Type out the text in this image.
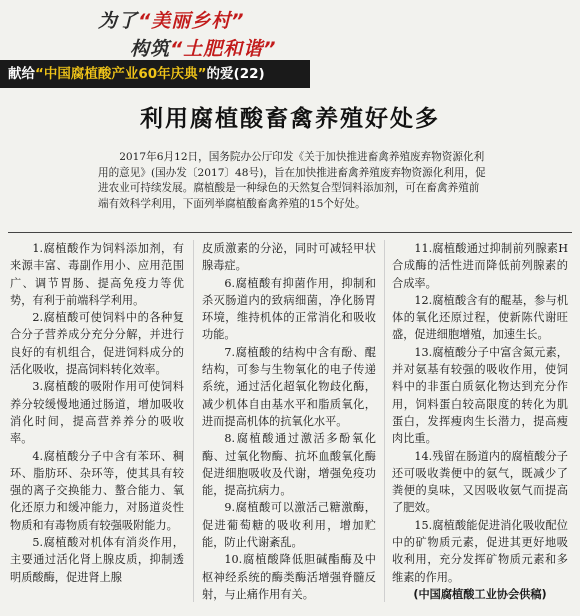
为了“美丽乡村”
构筑“土肥和谐”
献给“中国腐植酸产业60年庆典”的爱(22)
利用腐植酸畜禽养殖好处多
2017年6月12日，国务院办公厅印发《关于加快推进畜禽养殖废弃物资源化利用的意见》(国办发〔2017〕48号)，旨在加快推进畜禽养殖废弃物资源化利用，促进农业可持续发展。腐植酸是一种绿色的天然复合型饲料添加剂，可在畜禽养殖前端有效科学利用，下面列举腐植酸畜禽养殖的15个好处。

1.腐植酸作为饲料添加剂，有来源丰富、毒副作用小、应用范围广、调节胃肠、提高免疫力等优势，有利于前端科学利用。

2.腐植酸可使饲料中的各种复合分子营养成分充分分解，并进行良好的有机组合，促进饲料成分的活化吸收，提高饲料转化效率。

3.腐植酸的吸附作用可使饲料养分较缓慢地通过肠道，增加吸收消化时间，提高营养养分的吸收率。

4.腐植酸分子中含有苯环、稠环、脂肪环、杂环等，使其具有较强的离子交换能力、螯合能力、氧化还原力和缓冲能力，对肠道炎性物质和有毒物质有较强吸附能力。

5.腐植酸对机体有消炎作用，主要通过活化肾上腺皮质，抑制透明质酸酶，促进肾上腺

皮质激素的分泌，同时可减轻甲状腺毒症。

6.腐植酸有抑菌作用，抑制和杀灭肠道内的致病细菌，净化肠胃环境，维持机体的正常消化和吸收功能。

7.腐植酸的结构中含有酚、醌结构，可参与生物氧化的电子传递系统，通过活化超氧化物歧化酶，减少机体自由基水平和脂质氧化，进而提高机体的抗氧化水平。

8.腐植酸通过激活多酚氧化酶、过氧化物酶、抗坏血酸氧化酶促进细胞吸收及代谢，增强免疫功能，提高抗病力。

9.腐植酸可以激活己糖激酶，促进葡萄糖的吸收利用，增加贮能，防止代谢紊乱。

10.腐植酸降低胆碱酯酶及中枢神经系统的酶类酶活增强脊髓反射，与止痛作用有关。

11.腐植酸通过抑制前列腺素H合成酶的活性进而降低前列腺素的合成率。

12.腐植酸含有的醌基，参与机体的氧化还原过程，使新陈代谢旺盛，促进细胞增殖，加速生长。

13.腐植酸分子中富含氮元素，并对氨基有较强的吸收作用，使饲料中的非蛋白质氨化物达到充分作用，饲料蛋白较高限度的转化为肌蛋白，发挥瘦肉生长潜力，提高瘦肉比重。

14.残留在肠道内的腐植酸分子还可吸收粪便中的氨气，既减少了粪便的臭味，又因吸收氨气而提高了肥效。

15.腐植酸能促进消化吸收配位中的矿物质元素，促进其更好地吸收利用，充分发挥矿物质元素和多维素的作用。

(中国腐植酸工业协会供稿)
